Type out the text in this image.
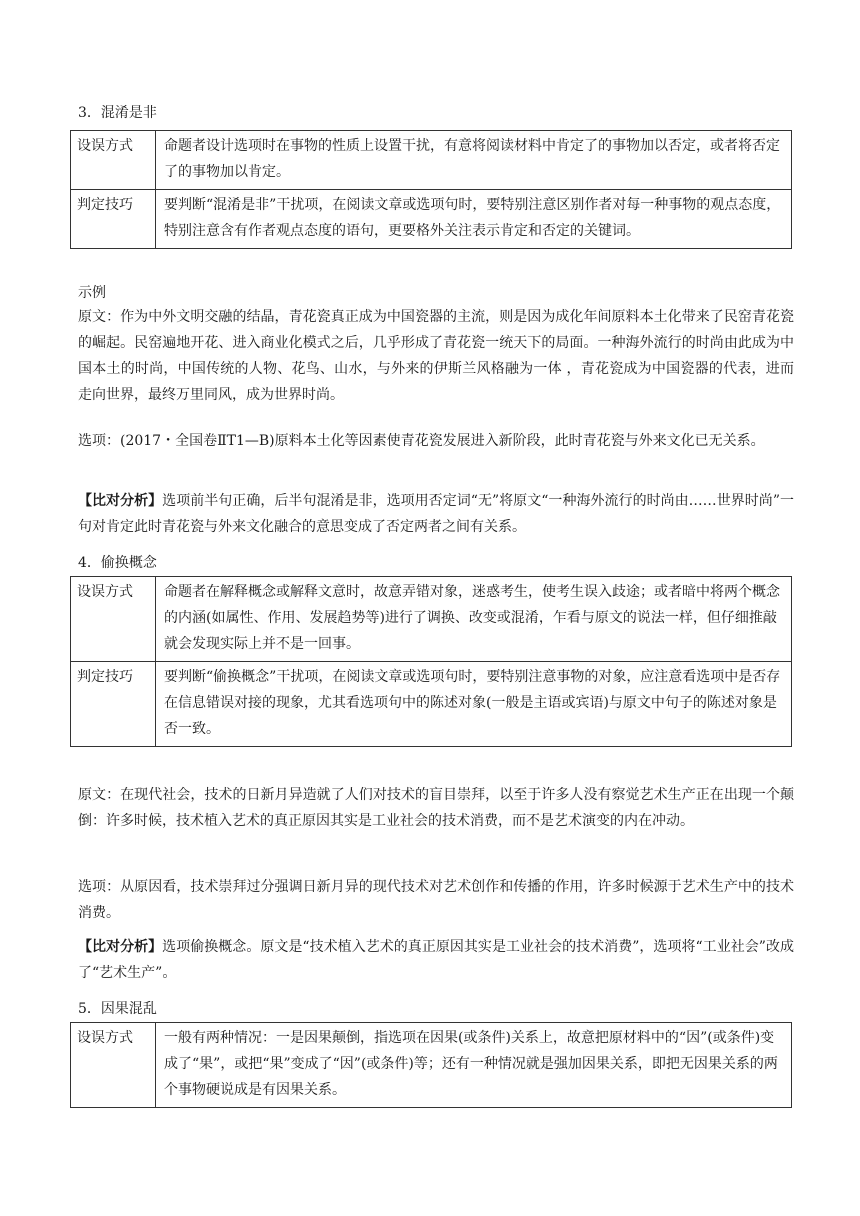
3．混淆是非
设误方式	命题者设计选项时在事物的性质上设置干扰，有意将阅读材料中肯定了的事物加以否定，或者将否定了的事物加以肯定。
判定技巧	要判断“混淆是非”干扰项，在阅读文章或选项句时，要特别注意区别作者对每一种事物的观点态度，特别注意含有作者观点态度的语句，更要格外关注表示肯定和否定的关键词。
示例

原文：作为中外文明交融的结晶，青花瓷真正成为中国瓷器的主流，则是因为成化年间原料本土化带来了民窑青花瓷的崛起。民窑遍地开花、进入商业化模式之后，几乎形成了青花瓷一统天下的局面。一种海外流行的时尚由此成为中国本土的时尚，中国传统的人物、花鸟、山水，与外来的伊斯兰风格融为一体 ，青花瓷成为中国瓷器的代表，进而走向世界，最终万里同风，成为世界时尚。

选项：(2017・全国卷ⅡT1—B)原料本土化等因素使青花瓷发展进入新阶段，此时青花瓷与外来文化已无关系。

【比对分析】选项前半句正确，后半句混淆是非，选项用否定词“无”将原文“一种海外流行的时尚由……世界时尚”一句对肯定此时青花瓷与外来文化融合的意思变成了否定两者之间有关系。

4．偷换概念
设误方式	命题者在解释概念或解释文意时，故意弄错对象，迷惑考生，使考生误入歧途；或者暗中将两个概念的内涵(如属性、作用、发展趋势等)进行了调换、改变或混淆，乍看与原文的说法一样，但仔细推敲就会发现实际上并不是一回事。
判定技巧	要判断“偷换概念”干扰项，在阅读文章或选项句时，要特别注意事物的对象，应注意看选项中是否存在信息错误对接的现象，尤其看选项句中的陈述对象(一般是主语或宾语)与原文中句子的陈述对象是否一致。

原文：在现代社会，技术的日新月异造就了人们对技术的盲目崇拜，以至于许多人没有察觉艺术生产正在出现一个颠倒：许多时候，技术植入艺术的真正原因其实是工业社会的技术消费，而不是艺术演变的内在冲动。

选项：从原因看，技术崇拜过分强调日新月异的现代技术对艺术创作和传播的作用，许多时候源于艺术生产中的技术消费。

【比对分析】选项偷换概念。原文是“技术植入艺术的真正原因其实是工业社会的技术消费”，选项将“工业社会”改成了“艺术生产”。

5．因果混乱
设误方式	一般有两种情况：一是因果颠倒，指选项在因果(或条件)关系上，故意把原材料中的“因”(或条件)变成了“果”，或把“果”变成了“因”(或条件)等；还有一种情况就是强加因果关系，即把无因果关系的两个事物硬说成是有因果关系。
